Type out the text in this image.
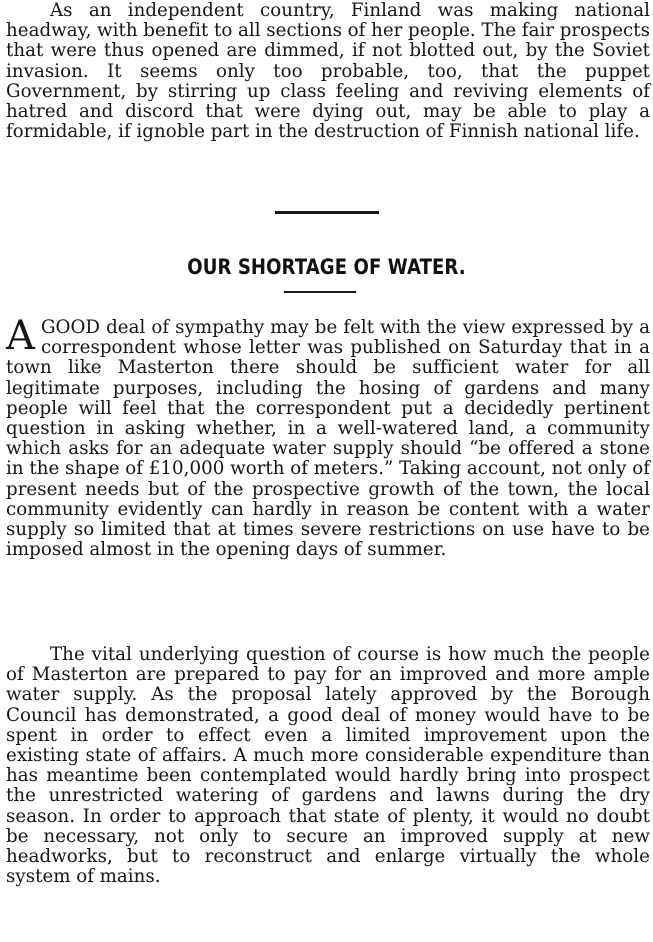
As an independent country, Finland was making national headway, with benefit to all sections of her people. The fair prospects that were thus opened are dimmed, if not blotted out, by the Soviet invasion. It seems only too probable, too, that the puppet Government, by stirring up class feeling and reviving elements of hatred and discord that were dying out, may be able to play a formidable, if ignoble part in the destruction of Finnish national life.

OUR SHORTAGE OF WATER.

AGOOD deal of sympathy may be felt with the view expressed by a correspondent whose letter was published on Saturday that in a town like Masterton there should be sufficient water for all legitimate purposes, including the hosing of gardens and many people will feel that the correspondent put a decidedly pertinent question in asking whether, in a well-watered land, a community which asks for an adequate water supply should “be offered a stone in the shape of £10,000 worth of meters.” Taking account, not only of present needs but of the prospective growth of the town, the local community evidently can hardly in reason be content with a water supply so limited that at times severe restrictions on use have to be imposed almost in the opening days of summer.

The vital underlying question of course is how much the people of Masterton are prepared to pay for an improved and more ample water supply. As the proposal lately approved by the Borough Council has demonstrated, a good deal of money would have to be spent in order to effect even a limited improvement upon the existing state of affairs. A much more considerable expenditure than has meantime been contemplated would hardly bring into prospect the unrestricted watering of gardens and lawns during the dry season. In order to approach that state of plenty, it would no doubt be necessary, not only to secure an improved supply at new headworks, but to reconstruct and enlarge virtually the whole system of mains.
